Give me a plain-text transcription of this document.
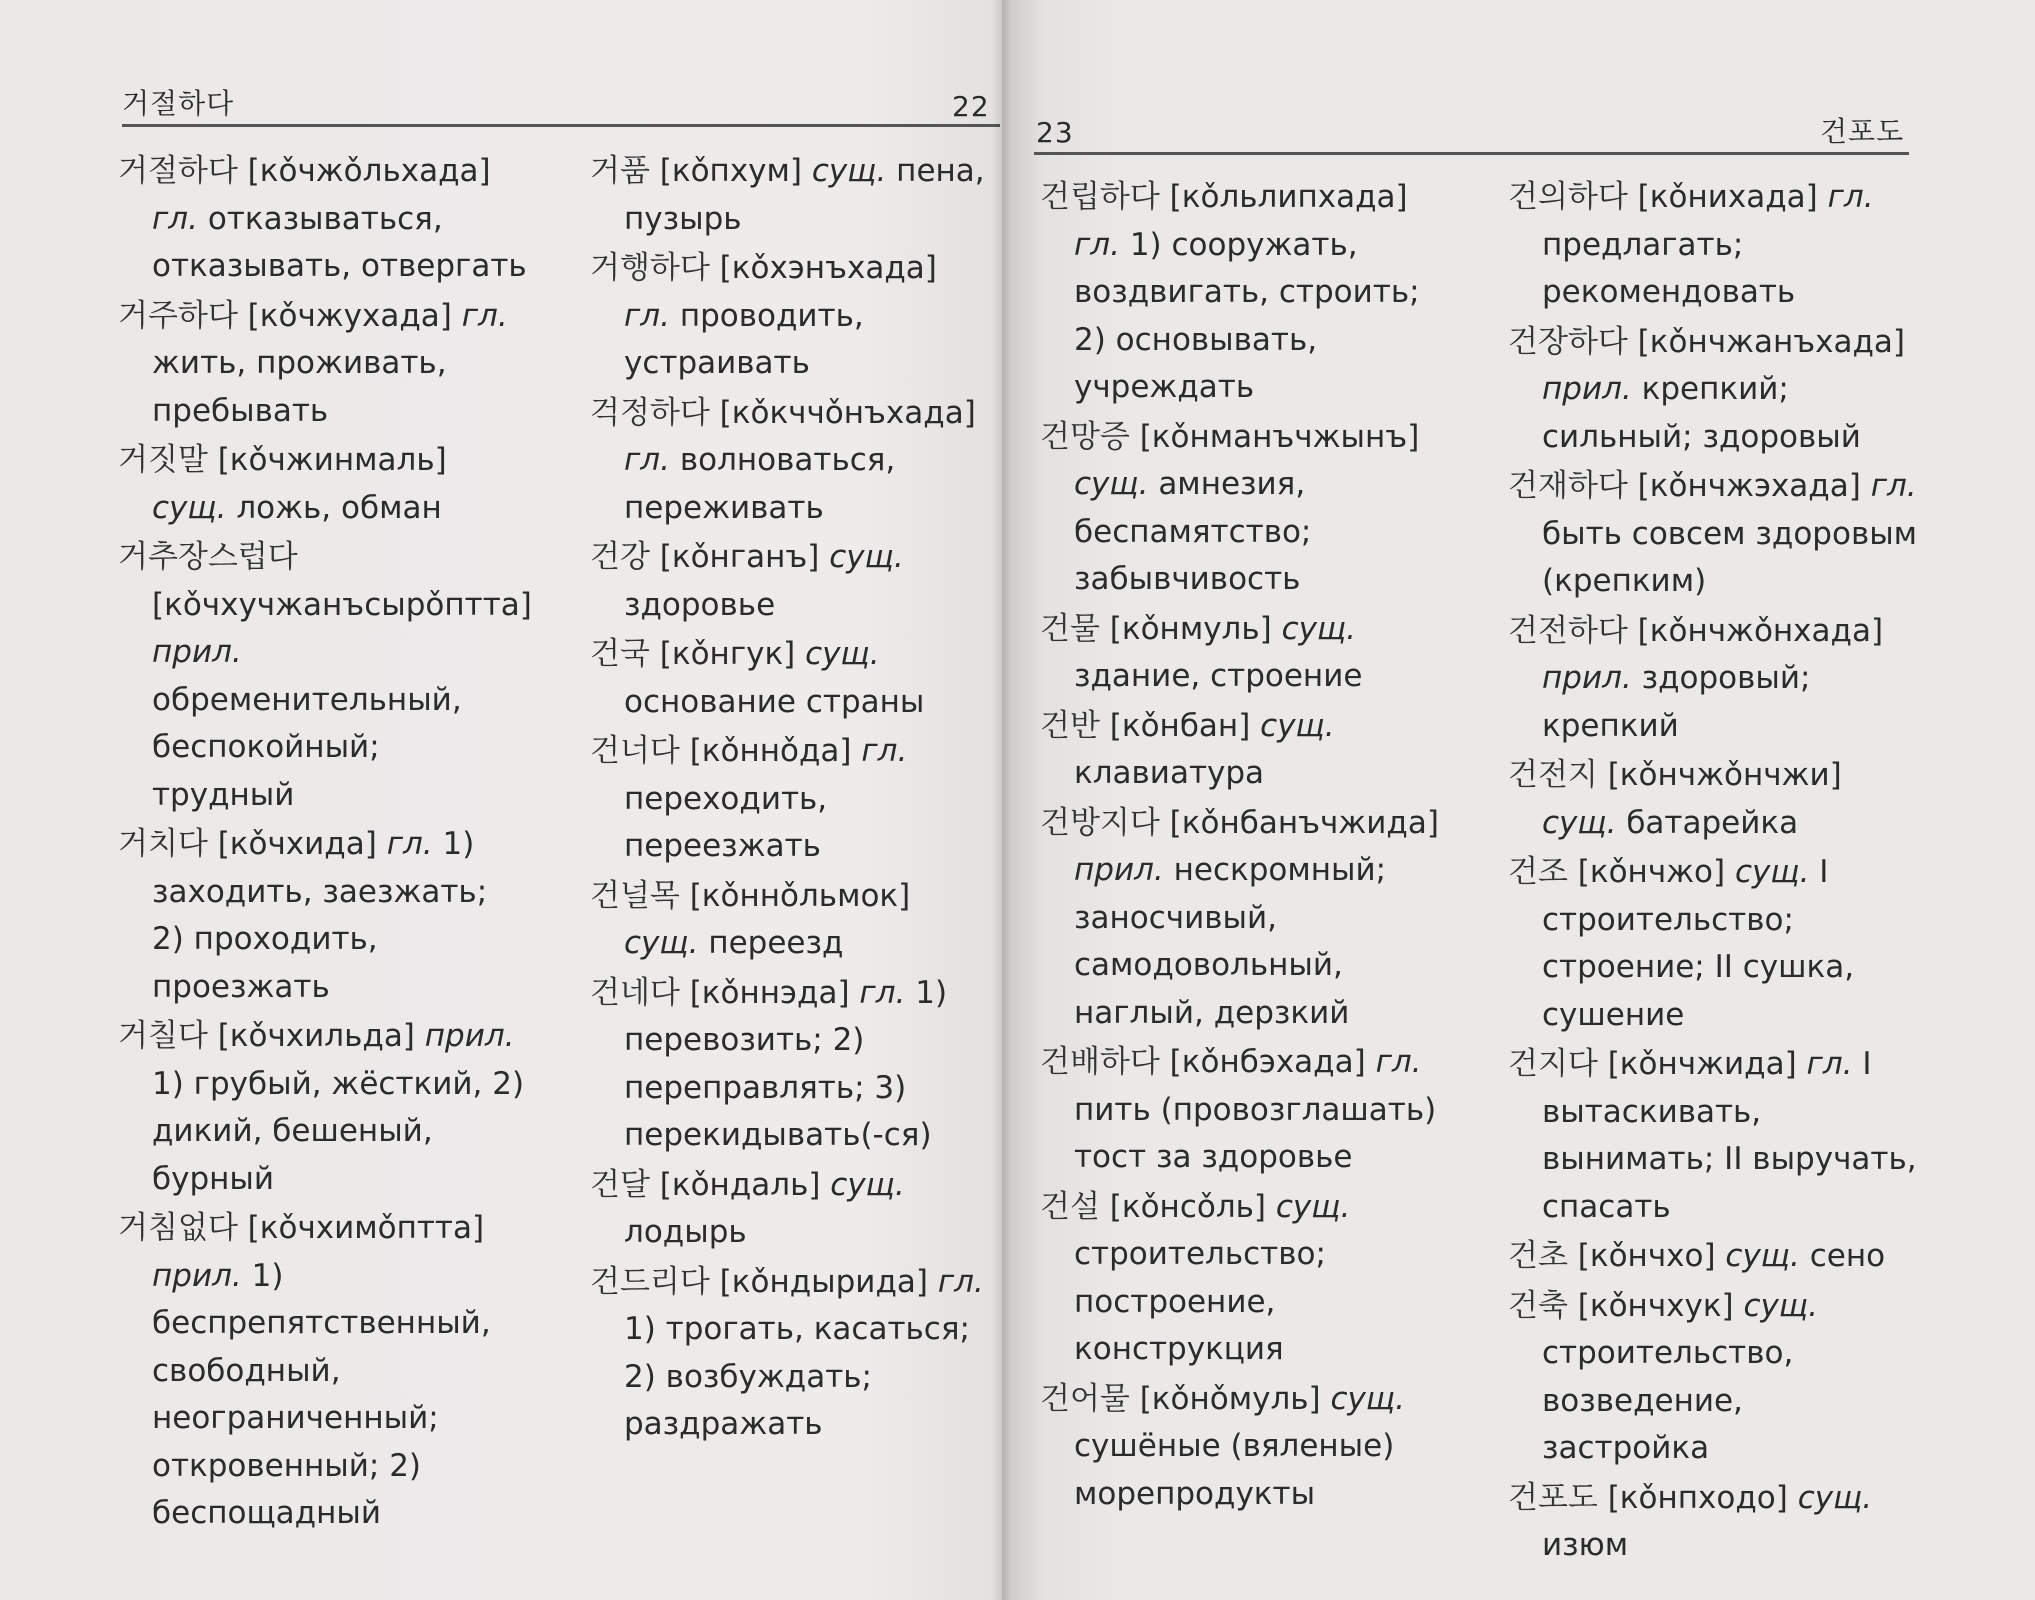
거절하다	22
거절하다 [кǒчжǒльхада] гл. отказываться, отказывать, отвергать
거주하다 [кǒчжухада] гл. жить, проживать, пребывать
거짓말 [кǒчжинмаль] сущ. ложь, обман
거추장스럽다 [кǒчхучжанъсырǒптта] прил. обременительный, беспокойный; трудный
거치다 [кǒчхида] гл. 1) заходить, заезжать; 2) проходить, проезжать
거칠다 [кǒчхильда] прил. 1) грубый, жёсткий, 2) дикий, бешеный, бурный
거침없다 [кǒчхимǒптта] прил. 1) беспрепятственный, свободный, неограниченный; откровенный; 2) беспощадный
거품 [кǒпхум] сущ. пена, пузырь
거행하다 [кǒхэнъхада] гл. проводить, устраивать
걱정하다 [кǒкччǒнъхада] гл. волноваться, переживать
건강 [кǒнганъ] сущ. здоровье
건국 [кǒнгук] сущ. основание страны
건너다 [кǒннǒда] гл. переходить, переезжать
건널목 [кǒннǒльмок] сущ. переезд
건네다 [кǒннэда] гл. 1) перевозить; 2) переправлять; 3) перекидывать(-ся)
건달 [кǒндаль] сущ. лодырь
건드리다 [кǒндырида] гл. 1) трогать, касаться; 2) возбуждать; раздражать
23	건포도
건립하다 [кǒльлипхада] гл. 1) сооружать, воздвигать, строить; 2) основывать, учреждать
건망증 [кǒнманъчжынъ] сущ. амнезия, беспамятство; забывчивость
건물 [кǒнмуль] сущ. здание, строение
건반 [кǒнбан] сущ. клавиатура
건방지다 [кǒнбанъчжида] прил. нескромный; заносчивый, самодовольный, наглый, дерзкий
건배하다 [кǒнбэхада] гл. пить (провозглашать) тост за здоровье
건설 [кǒнсǒль] сущ. строительство; построение, конструкция
건어물 [кǒнǒмуль] сущ. сушёные (вяленые) морепродукты
건의하다 [кǒнихада] гл. предлагать; рекомендовать
건장하다 [кǒнчжанъхада] прил. крепкий; сильный; здоровый
건재하다 [кǒнчжэхада] гл. быть совсем здоровым (крепким)
건전하다 [кǒнчжǒнхада] прил. здоровый; крепкий
건전지 [кǒнчжǒнчжи] сущ. батарейка
건조 [кǒнчжо] сущ. I строительство; строение; II сушка, сушение
건지다 [кǒнчжида] гл. I вытаскивать, вынимать; II выручать, спасать
건초 [кǒнчхо] сущ. сено
건축 [кǒнчхук] сущ. строительство, возведение, застройка
건포도 [кǒнпходо] сущ. изюм
